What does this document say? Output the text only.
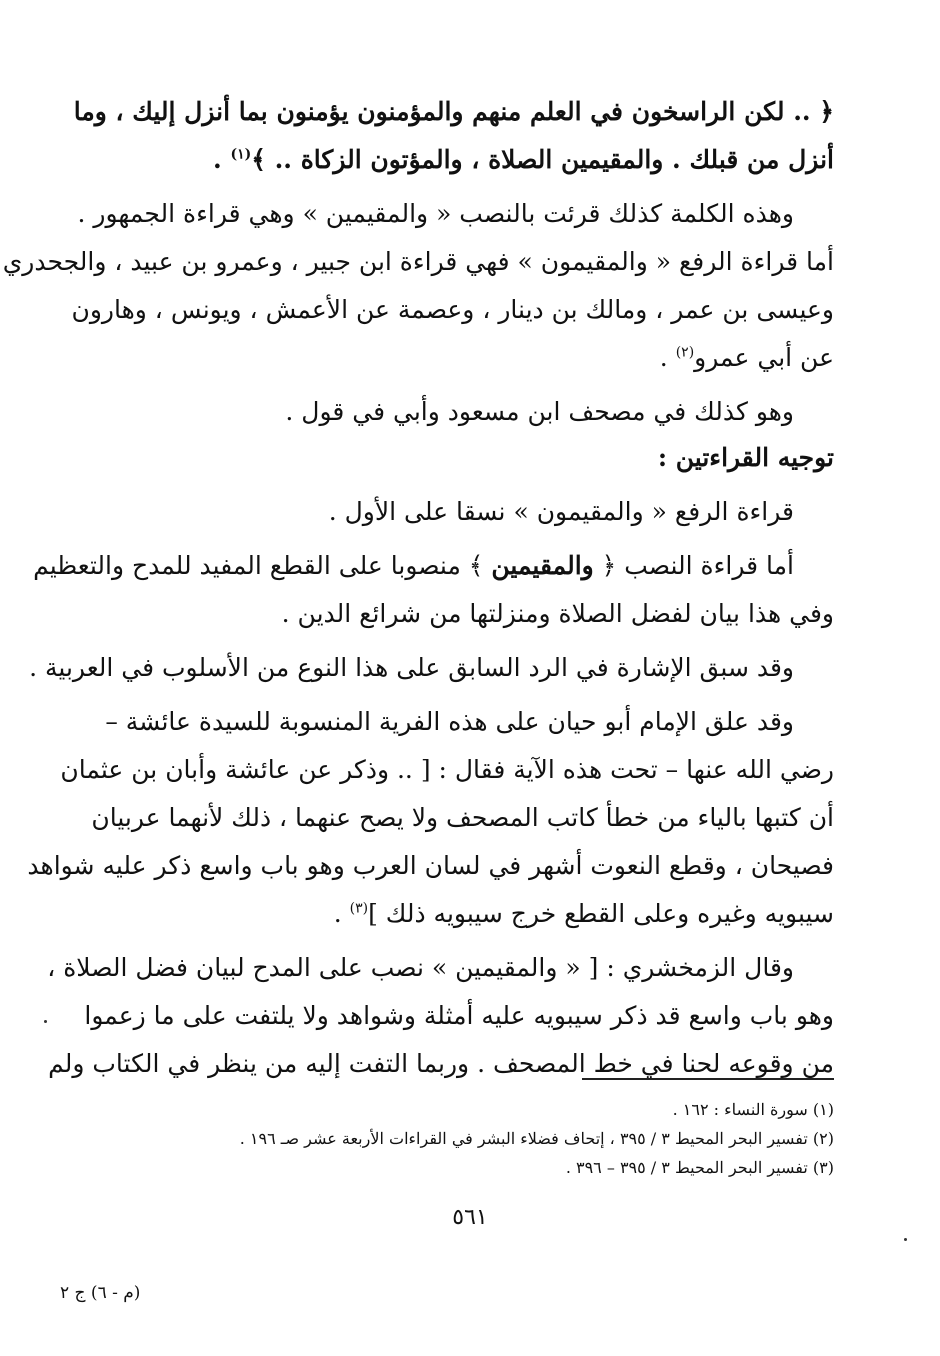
﴿ .. لكن الراسخون في العلم منهم والمؤمنون يؤمنون بما أنزل إليك ، وما
أنزل من قبلك . والمقيمين الصلاة ، والمؤتون الزكاة .. ﴾$^{(١)}$ .
وهذه الكلمة كذلك قرئت بالنصب « والمقيمين » وهي قراءة الجمهور .
أما قراءة الرفع « والمقيمون » فهي قراءة ابن جبير ، وعمرو بن عبيد ، والجحدري
وعيسى بن عمر ، ومالك بن دينار ، وعصمة عن الأعمش ، ويونس ، وهارون
عن أبي عمرو$^{(٢)}$ .
وهو كذلك في مصحف ابن مسعود وأبي في قول .
توجيه القراءتين :
قراءة الرفع « والمقيمون » نسقا على الأول .
أما قراءة النصب ﴿ والمقيمين ﴾ منصوبا على القطع المفيد للمدح والتعظيم
وفي هذا بيان لفضل الصلاة ومنزلتها من شرائع الدين .
وقد سبق الإشارة في الرد السابق على هذا النوع من الأسلوب في العربية .
وقد علق الإمام أبو حيان على هذه الفرية المنسوبة للسيدة عائشة –
رضي الله عنها – تحت هذه الآية فقال : [ .. وذكر عن عائشة وأبان بن عثمان
أن كتبها بالياء من خطأ كاتب المصحف ولا يصح عنهما ، ذلك لأنهما عربيان
فصيحان ، وقطع النعوت أشهر في لسان العرب وهو باب واسع ذكر عليه شواهد
سيبويه وغيره وعلى القطع خرج سيبويه ذلك ]$^{(٣)}$ .
وقال الزمخشري : [ « والمقيمين » نصب على المدح لبيان فضل الصلاة ،
وهو باب واسع قد ذكر سيبويه عليه أمثلة وشواهد ولا يلتفت على ما زعموا
من وقوعه لحنا في خط المصحف . وربما التفت إليه من ينظر في الكتاب ولم
(١) سورة النساء : ١٦٢ .
(٢) تفسير البحر المحيط ٣ / ٣٩٥ ، إتحاف فضلاء البشر في القراءات الأربعة عشر صـ ١٩٦ .
(٣) تفسير البحر المحيط ٣ / ٣٩٥ – ٣٩٦ .
٥٦١
(م - ٦) ج ٢
